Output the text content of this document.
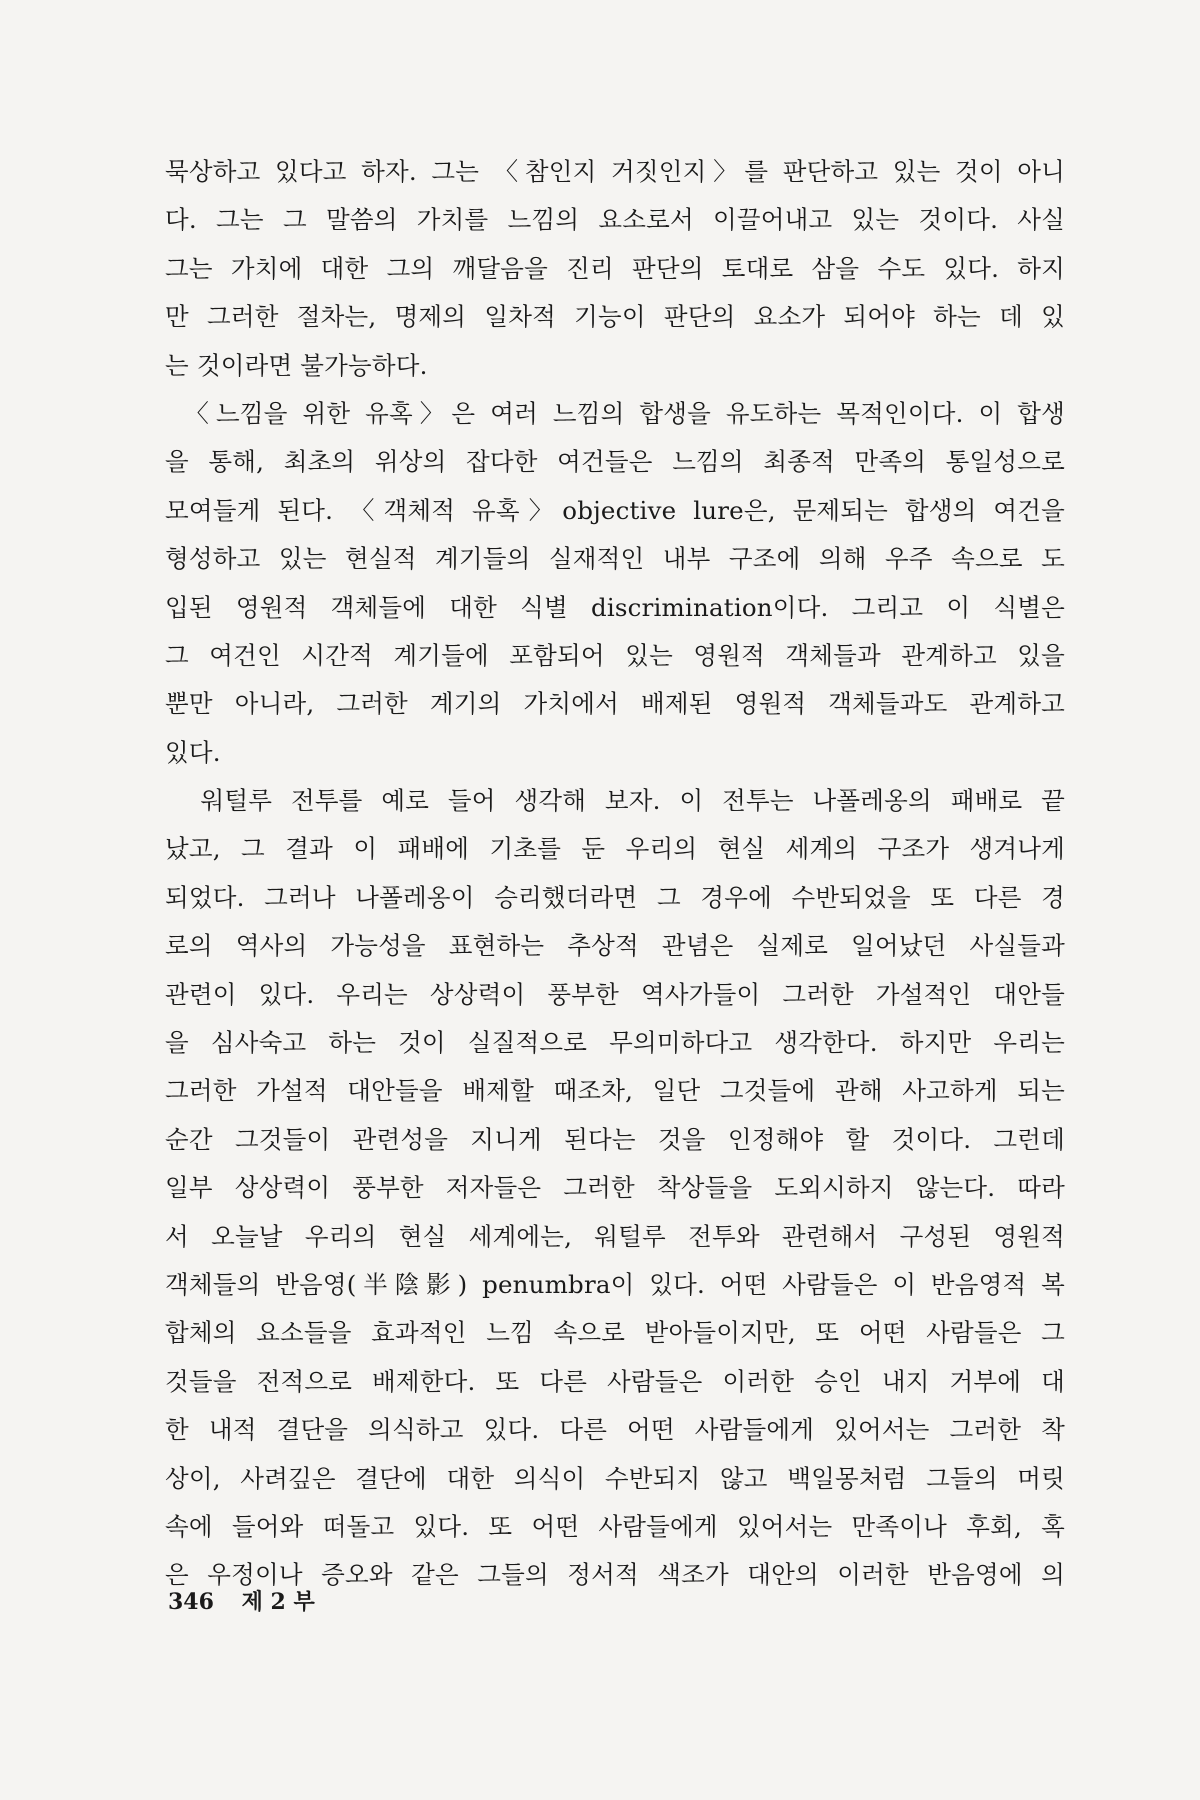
묵상하고 있다고 하자. 그는 〈참인지 거짓인지〉를 판단하고 있는 것이 아니
다. 그는 그 말씀의 가치를 느낌의 요소로서 이끌어내고 있는 것이다. 사실
그는 가치에 대한 그의 깨달음을 진리 판단의 토대로 삼을 수도 있다. 하지
만 그러한 절차는, 명제의 일차적 기능이 판단의 요소가 되어야 하는 데 있
는 것이라면 불가능하다.
　〈느낌을 위한 유혹〉은 여러 느낌의 합생을 유도하는 목적인이다. 이 합생
을 통해, 최초의 위상의 잡다한 여건들은 느낌의 최종적 만족의 통일성으로
모여들게 된다. 〈객체적 유혹〉objective lure은, 문제되는 합생의 여건을
형성하고 있는 현실적 계기들의 실재적인 내부 구조에 의해 우주 속으로 도
입된 영원적 객체들에 대한 식별 discrimination이다. 그리고 이 식별은
그 여건인 시간적 계기들에 포함되어 있는 영원적 객체들과 관계하고 있을
뿐만 아니라, 그러한 계기의 가치에서 배제된 영원적 객체들과도 관계하고
있다.
　워털루 전투를 예로 들어 생각해 보자. 이 전투는 나폴레옹의 패배로 끝
났고, 그 결과 이 패배에 기초를 둔 우리의 현실 세계의 구조가 생겨나게
되었다. 그러나 나폴레옹이 승리했더라면 그 경우에 수반되었을 또 다른 경
로의 역사의 가능성을 표현하는 추상적 관념은 실제로 일어났던 사실들과
관련이 있다. 우리는 상상력이 풍부한 역사가들이 그러한 가설적인 대안들
을 심사숙고 하는 것이 실질적으로 무의미하다고 생각한다. 하지만 우리는
그러한 가설적 대안들을 배제할 때조차, 일단 그것들에 관해 사고하게 되는
순간 그것들이 관련성을 지니게 된다는 것을 인정해야 할 것이다. 그런데
일부 상상력이 풍부한 저자들은 그러한 착상들을 도외시하지 않는다. 따라
서 오늘날 우리의 현실 세계에는, 워털루 전투와 관련해서 구성된 영원적
객체들의 반음영(半陰影) penumbra이 있다. 어떤 사람들은 이 반음영적 복
합체의 요소들을 효과적인 느낌 속으로 받아들이지만, 또 어떤 사람들은 그
것들을 전적으로 배제한다. 또 다른 사람들은 이러한 승인 내지 거부에 대
한 내적 결단을 의식하고 있다. 다른 어떤 사람들에게 있어서는 그러한 착
상이, 사려깊은 결단에 대한 의식이 수반되지 않고 백일몽처럼 그들의 머릿
속에 들어와 떠돌고 있다. 또 어떤 사람들에게 있어서는 만족이나 후회, 혹
은 우정이나 증오와 같은 그들의 정서적 색조가 대안의 이러한 반음영에 의
346 제 2 부
